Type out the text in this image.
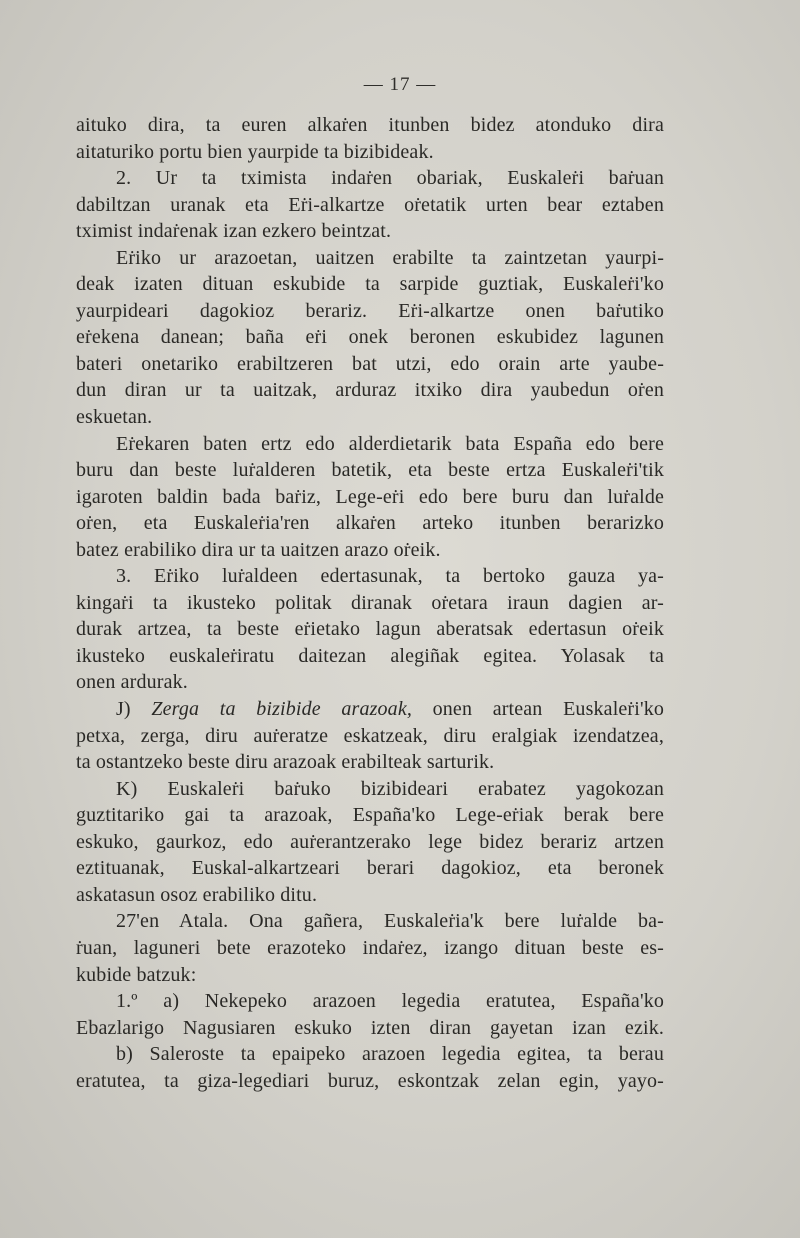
— 17 —
aituko dira, ta euren alkaṙen itunben bidez atonduko dira
aitaturiko portu bien yaurpide ta bizibideak.
2. Ur ta tximista indaṙen obariak, Euskaleṙi baṙuan
dabiltzan uranak eta Eṙi-alkartze oṙetatik urten bear eztaben
tximist indaṙenak izan ezkero beintzat.
Eṙiko ur arazoetan, uaitzen erabilte ta zaintzetan yaurpi-
deak izaten dituan eskubide ta sarpide guztiak, Euskaleṙi'ko
yaurpideari dagokioz berariz. Eṙi-alkartze onen baṙutiko
eṙekena danean; baña eṙi onek beronen eskubidez lagunen
bateri onetariko erabiltzeren bat utzi, edo orain arte yaube-
dun diran ur ta uaitzak, arduraz itxiko dira yaubedun oṙen
eskuetan.
Eṙekaren baten ertz edo alderdietarik bata España edo bere
buru dan beste luṙalderen batetik, eta beste ertza Euskaleṙi'tik
igaroten baldin bada baṙiz, Lege-eṙi edo bere buru dan luṙalde
oṙen, eta Euskaleṙia'ren alkaṙen arteko itunben berarizko
batez erabiliko dira ur ta uaitzen arazo oṙeik.
3. Eṙiko luṙaldeen edertasunak, ta bertoko gauza ya-
kingaṙi ta ikusteko politak diranak oṙetara iraun dagien ar-
durak artzea, ta beste eṙietako lagun aberatsak edertasun oṙeik
ikusteko euskaleṙiratu daitezan alegiñak egitea. Yolasak ta
onen ardurak.
J) Zerga ta bizibide arazoak, onen artean Euskaleṙi'ko
petxa, zerga, diru auṙeratze eskatzeak, diru eralgiak izendatzea,
ta ostantzeko beste diru arazoak erabilteak sarturik.
K) Euskaleṙi baṙuko bizibideari erabatez yagokozan
guztitariko gai ta arazoak, España'ko Lege-eṙiak berak bere
eskuko, gaurkoz, edo auṙerantzerako lege bidez berariz artzen
eztituanak, Euskal-alkartzeari berari dagokioz, eta beronek
askatasun osoz erabiliko ditu.
27'en Atala. Ona gañera, Euskaleṙia'k bere luṙalde ba-
ṙuan, laguneri bete erazoteko indaṙez, izango dituan beste es-
kubide batzuk:
1.º a) Nekepeko arazoen legedia eratutea, España'ko
Ebazlarigo Nagusiaren eskuko izten diran gayetan izan ezik.
b) Saleroste ta epaipeko arazoen legedia egitea, ta berau
eratutea, ta giza-legediari buruz, eskontzak zelan egin, yayo-
